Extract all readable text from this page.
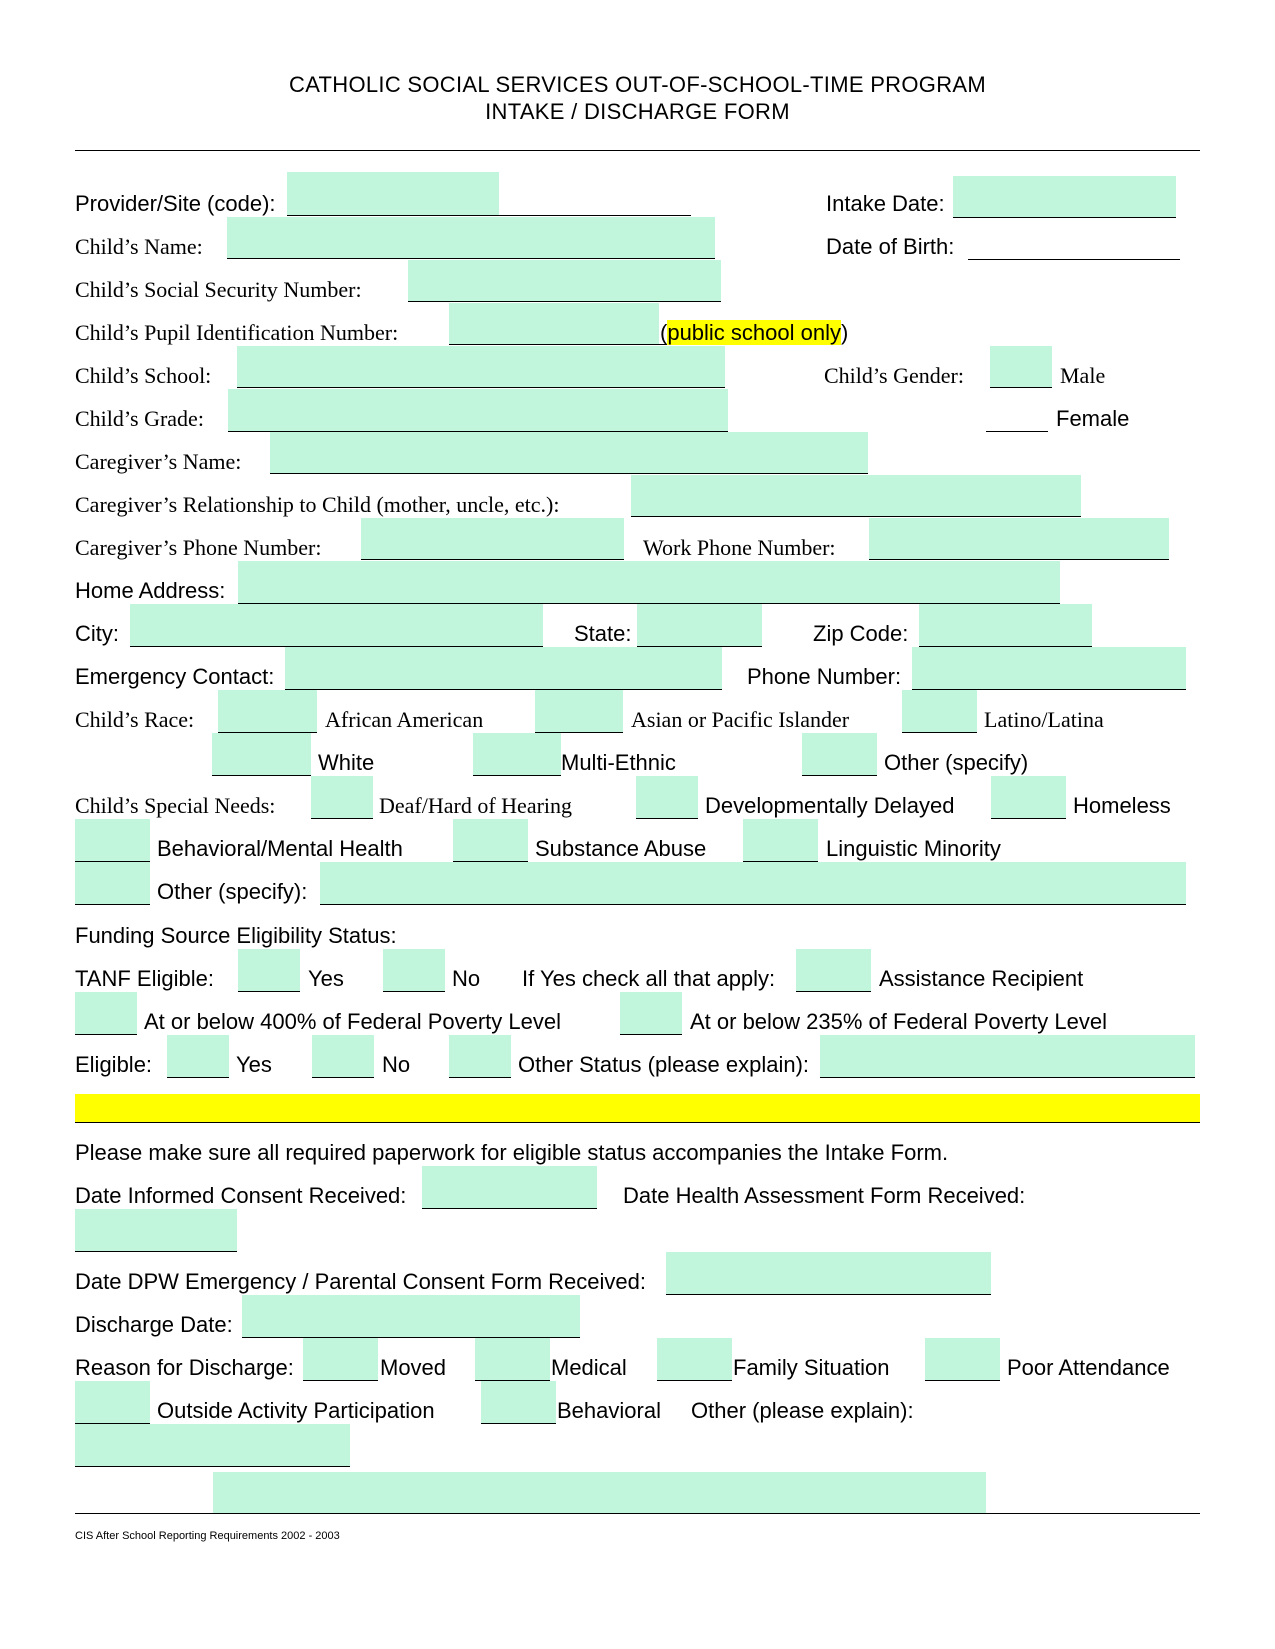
CATHOLIC SOCIAL SERVICES OUT-OF-SCHOOL-TIME PROGRAM
INTAKE / DISCHARGE FORM
Provider/Site (code):	Intake Date:
Child’s Name:	Date of Birth:
Child’s Social Security Number:
Child’s Pupil Identification Number:	(public school only)
Child’s School:	Child’s Gender:	Male
Child’s Grade:	Female
Caregiver’s Name:
Caregiver’s Relationship to Child (mother, uncle, etc.):
Caregiver’s Phone Number:	Work Phone Number:
Home Address:
City:	State:	Zip Code:
Emergency Contact:	Phone Number:
Child’s Race:	African American	Asian or Pacific Islander	Latino/Latina
White	Multi-Ethnic	Other (specify)
Child’s Special Needs:	Deaf/Hard of Hearing	Developmentally Delayed	Homeless
Behavioral/Mental Health	Substance Abuse	Linguistic Minority
Other (specify):
Funding Source Eligibility Status:
TANF Eligible:	Yes	No If Yes check all that apply:	Assistance Recipient
At or below 400% of Federal Poverty Level	At or below 235% of Federal Poverty Level
Eligible:	Yes	No	Other Status (please explain):
Please make sure all required paperwork for eligible status accompanies the Intake Form.
Date Informed Consent Received:	Date Health Assessment Form Received:
Date DPW Emergency / Parental Consent Form Received:
Discharge Date:
Reason for Discharge:	Moved	Medical	Family Situation	Poor Attendance
Outside Activity Participation	Behavioral Other (please explain):
CIS After School Reporting Requirements 2002 - 2003
